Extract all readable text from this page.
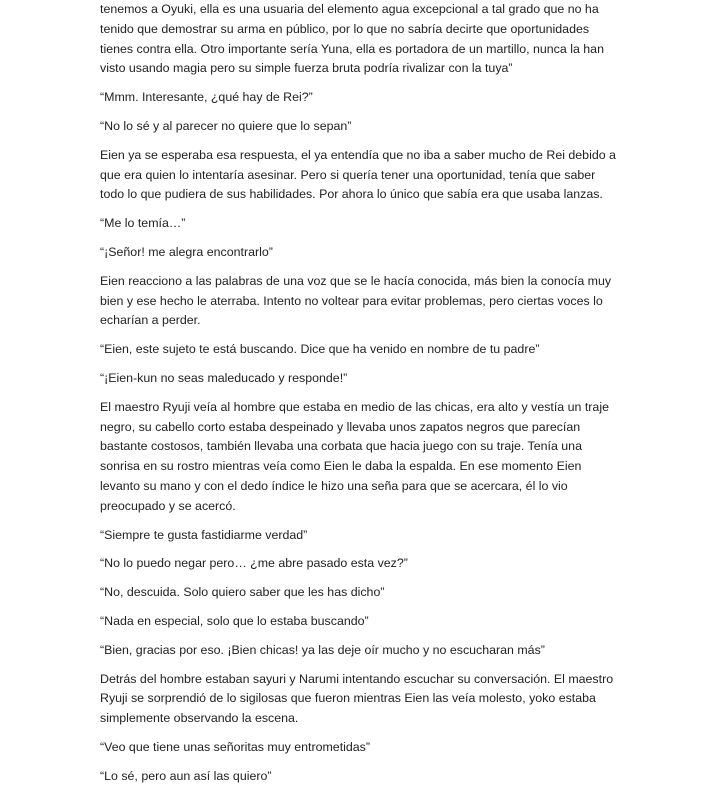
tenemos a Oyuki, ella es una usuaria del elemento agua excepcional a tal grado que no ha tenido que demostrar su arma en público, por lo que no sabría decirte que oportunidades tienes contra ella. Otro importante sería Yuna, ella es portadora de un martillo, nunca la han visto usando magia pero su simple fuerza bruta podría rivalizar con la tuya”

“Mmm. Interesante, ¿qué hay de Rei?”

“No lo sé y al parecer no quiere que lo sepan”

Eien ya se esperaba esa respuesta, el ya entendía que no iba a saber mucho de Rei debido a que era quien lo intentaría asesinar. Pero si quería tener una oportunidad, tenía que saber todo lo que pudiera de sus habilidades. Por ahora lo único que sabía era que usaba lanzas.

“Me lo temía…”

“¡Señor! me alegra encontrarlo”

Eien reacciono a las palabras de una voz que se le hacía conocida, más bien la conocía muy bien y ese hecho le aterraba. Intento no voltear para evitar problemas, pero ciertas voces lo echarían a perder.

“Eien, este sujeto te está buscando. Dice que ha venido en nombre de tu padre”

“¡Eien-kun no seas maleducado y responde!”

El maestro Ryuji veía al hombre que estaba en medio de las chicas, era alto y vestía un traje negro, su cabello corto estaba despeinado y llevaba unos zapatos negros que parecían bastante costosos, también llevaba una corbata que hacia juego con su traje. Tenía una sonrisa en su rostro mientras veía como Eien le daba la espalda. En ese momento Eien levanto su mano y con el dedo índice le hizo una seña para que se acercara, él lo vio preocupado y se acercó.

“Siempre te gusta fastidiarme verdad”

“No lo puedo negar pero… ¿me abre pasado esta vez?”

“No, descuida. Solo quiero saber que les has dicho”

“Nada en especial, solo que lo estaba buscando”

“Bien, gracias por eso. ¡Bien chicas! ya las deje oír mucho y no escucharan más”

Detrás del hombre estaban sayuri y Narumi intentando escuchar su conversación. El maestro Ryuji se sorprendió de lo sigilosas que fueron mientras Eien las veía molesto, yoko estaba simplemente observando la escena.

“Veo que tiene unas señoritas muy entrometidas”

“Lo sé, pero aun así las quiero”
